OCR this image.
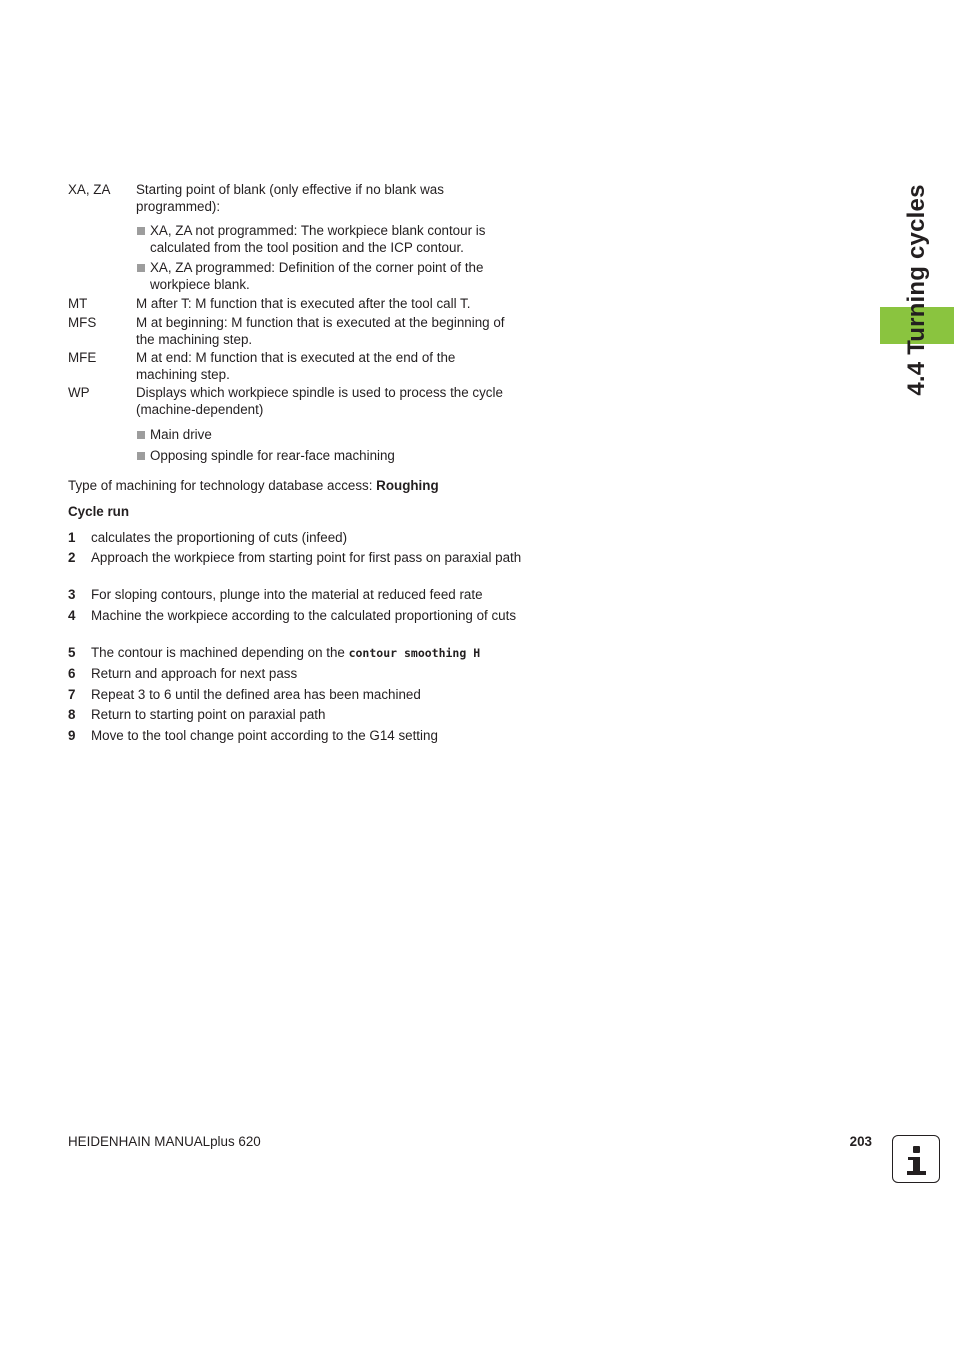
4.4 Turning cycles
XA, ZA Starting point of blank (only effective if no blank was programmed):
XA, ZA not programmed: The workpiece blank contour is calculated from the tool position and the ICP contour.
XA, ZA programmed: Definition of the corner point of the workpiece blank.
MT	M after T: M function that is executed after the tool call T.
MFS	M at beginning: M function that is executed at the beginning of the machining step.
MFE	M at end: M function that is executed at the end of the machining step.
WP	Displays which workpiece spindle is used to process the cycle (machine-dependent)
Main drive
Opposing spindle for rear-face machining
Type of machining for technology database access: Roughing
Cycle run
1 calculates the proportioning of cuts (infeed)
2 Approach the workpiece from starting point for first pass on paraxial path
3 For sloping contours, plunge into the material at reduced feed rate
4 Machine the workpiece according to the calculated proportioning of cuts
5 The contour is machined depending on the contour smoothing H
6 Return and approach for next pass
7 Repeat 3 to 6 until the defined area has been machined
8 Return to starting point on paraxial path
9 Move to the tool change point according to the G14 setting
HEIDENHAIN MANUALplus 620	203
